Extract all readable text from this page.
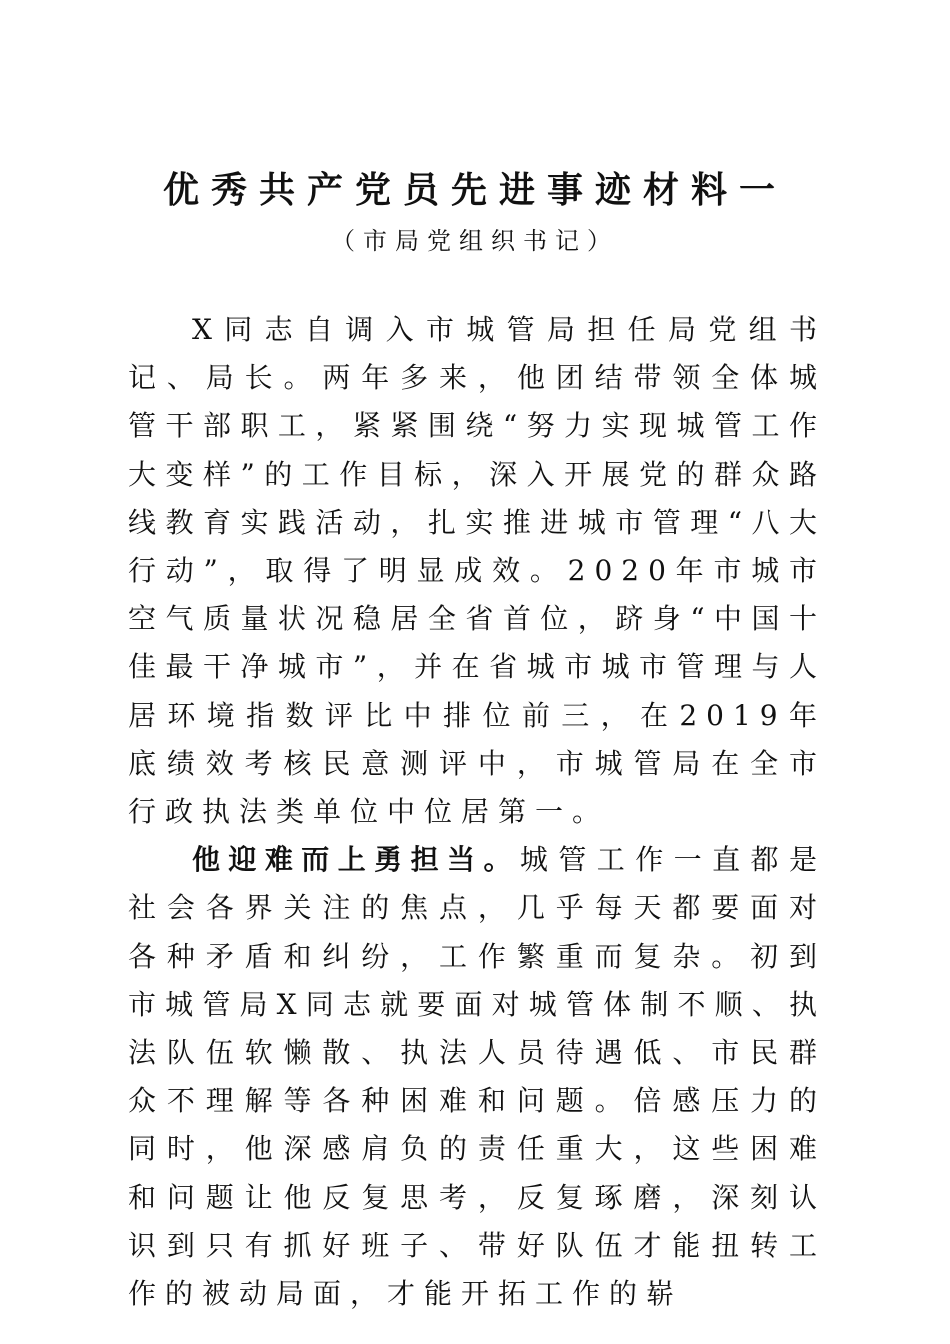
优秀共产党员先进事迹材料一
（市局党组织书记）

X同志自调入市城管局担任局党组书记、局长。两年多来，他团结带领全体城管干部职工，紧紧围绕“努力实现城管工作大变样”的工作目标，深入开展党的群众路线教育实践活动，扎实推进城市管理“八大行动”，取得了明显成效。2020年市城市空气质量状况稳居全省首位，跻身“中国十佳最干净城市”，并在省城市城市管理与人居环境指数评比中排位前三，在2019年底绩效考核民意测评中，市城管局在全市行政执法类单位中位居第一。

他迎难而上勇担当。城管工作一直都是社会各界关注的焦点，几乎每天都要面对各种矛盾和纠纷，工作繁重而复杂。初到市城管局X同志就要面对城管体制不顺、执法队伍软懒散、执法人员待遇低、市民群众不理解等各种困难和问题。倍感压力的同时，他深感肩负的责任重大，这些困难和问题让他反复思考，反复琢磨，深刻认识到只有抓好班子、带好队伍才能扭转工作的被动局面，才能开拓工作的崭
